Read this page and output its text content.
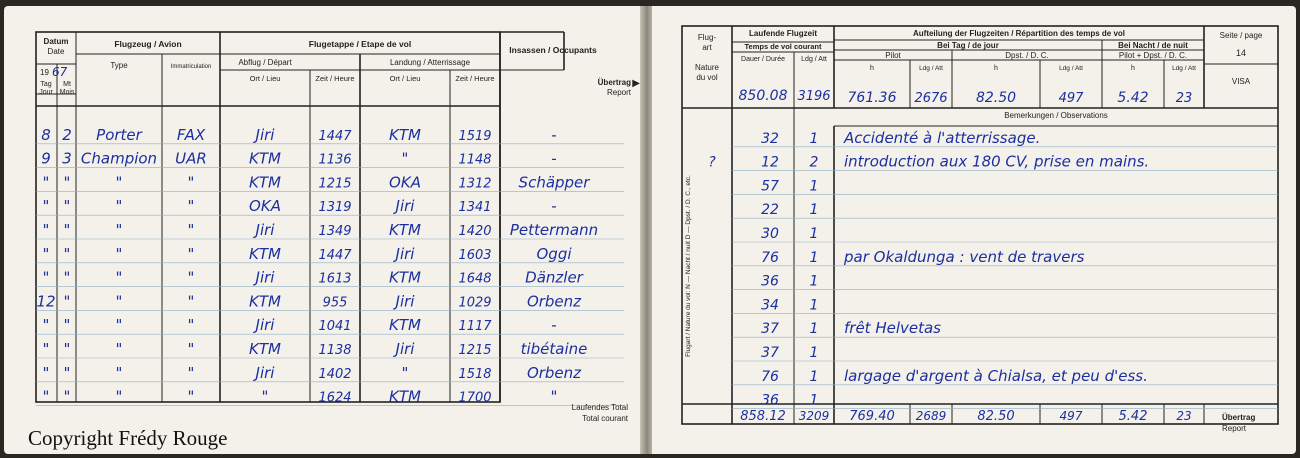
8 2 Porter FAX	Jiri	1447 KTM	1519	-
9 3 Champion UAR	KTM	1136	"	1148	-
" "	"	"	KTM	1215	OKA	1312 Schäpper
" "	"	"	OKA	1319	Jiri	1341	-
" "	"	"	Jiri	1349 KTM	1420 Pettermann
" "	"	"	KTM	1447	Jiri	1603	Oggi
" "	"	"	Jiri	1613 KTM	1648 Dänzler
12 "	"	"	KTM	955	Jiri	1029 Orbenz
" "	"	"	Jiri	1041 KTM	1117	-
" "	"	"	KTM	1138	Jiri	1215 tibétaine
" "	"	"	Jiri	1402	"	1518 Orbenz
" "	"	"	"	1624 KTM	1700	"
Datum
Date
19 67
Tag
Jour
Mt
Mois
Flugzeug / Avion
Type	Immatriculation
Flugetappe / Etape de vol
Abflug / Départ	Landung / Atterrissage
Ort / Lieu	Zeit / Heure	Ort / Lieu	Zeit / Heure
Insassen / Occupants
Übertrag ▶
Report
Laufendes Total
Total courant
Copyright Frédy Rouge
32 1 Accidenté à l'atterrissage.
?	12 2 introduction aux 180 CV, prise en mains.
57 1
22 1
30 1
76 1 par Okaldunga : vent de travers
36 1
34 1
37 1 frêt Helvetas
37 1
76 1 largage d'argent à Chialsa, et peu d'ess.
36 1
Flug-
art
Nature
du vol
Laufende Flugzeit
Temps de vol courant
Dauer / Durée Ldg / Att
Aufteilung der Flugzeiten / Répartition des temps de vol
Bei Tag / de jour	Bei Nacht / de nuit
Pilot	Dpst. / D. C.	Pilot + Dpst. / D. C.
h	Ldg / Att	h	Ldg / Att	h	Ldg / Att
Seite / page
14
VISA
Bemerkungen / Observations
Flugart / Nature du vol: N — Nacht / nuit D — Dpst. / D. C., etc.
Übertrag
Report
850.08 3196 761.36 2676 82.50	497 5.42 23
858.12 3209 769.40 2689 82.50	497	5.42 23
